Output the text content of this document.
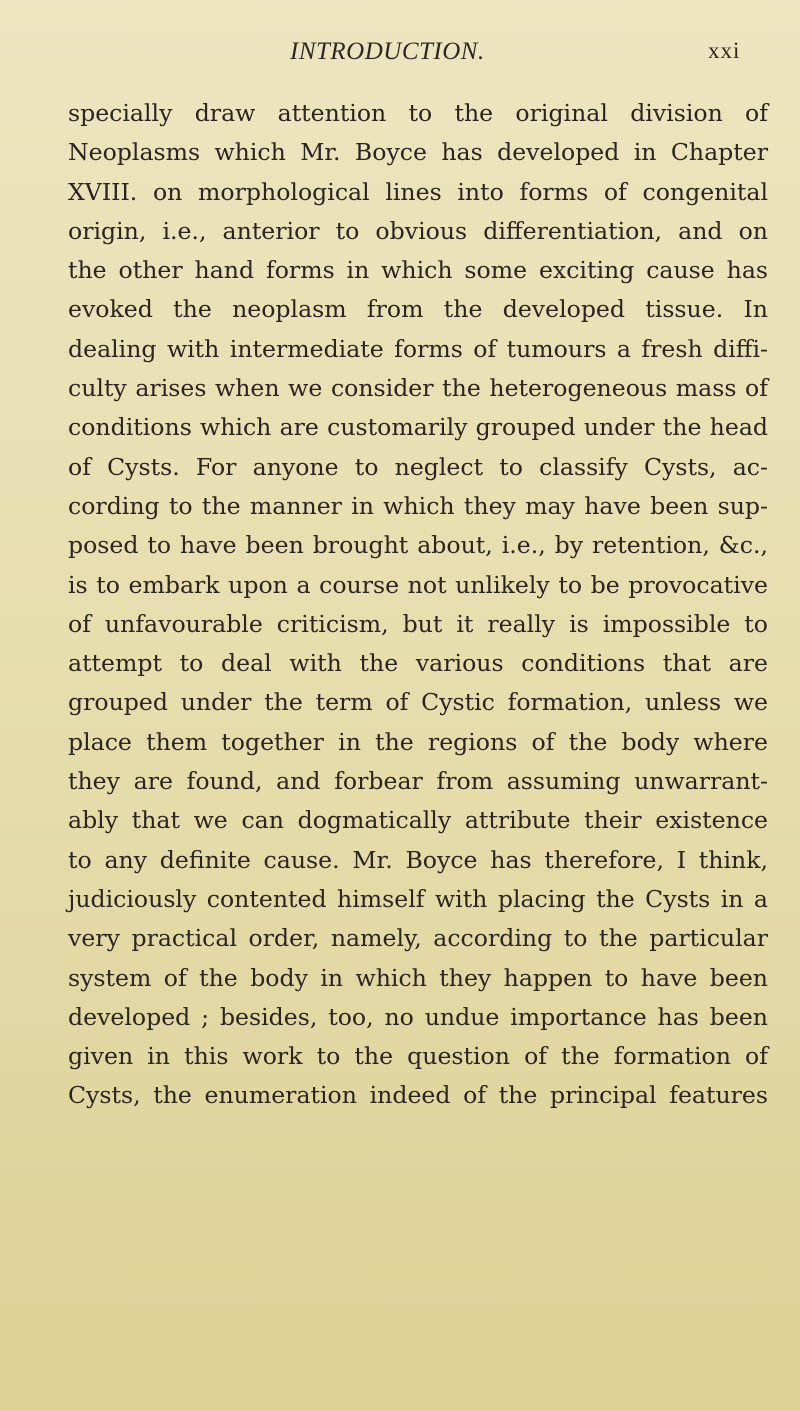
INTRODUCTION.	xxi
specially draw attention to the original division of
Neoplasms which Mr. Boyce has developed in Chapter
XVIII. on morphological lines into forms of congenital
origin, i.e., anterior to obvious differentiation, and on
the other hand forms in which some exciting cause has
evoked the neoplasm from the developed tissue. In
dealing with intermediate forms of tumours a fresh diffi-
culty arises when we consider the heterogeneous mass of
conditions which are customarily grouped under the head
of Cysts. For anyone to neglect to classify Cysts, ac-
cording to the manner in which they may have been sup-
posed to have been brought about, i.e., by retention, &c.,
is to embark upon a course not unlikely to be provocative
of unfavourable criticism, but it really is impossible to
attempt to deal with the various conditions that are
grouped under the term of Cystic formation, unless we
place them together in the regions of the body where
they are found, and forbear from assuming unwarrant-
ably that we can dogmatically attribute their existence
to any definite cause. Mr. Boyce has therefore, I think,
judiciously contented himself with placing the Cysts in a
very practical order, namely, according to the particular
system of the body in which they happen to have been
developed ; besides, too, no undue importance has been
given in this work to the question of the formation of
Cysts, the enumeration indeed of the principal features
